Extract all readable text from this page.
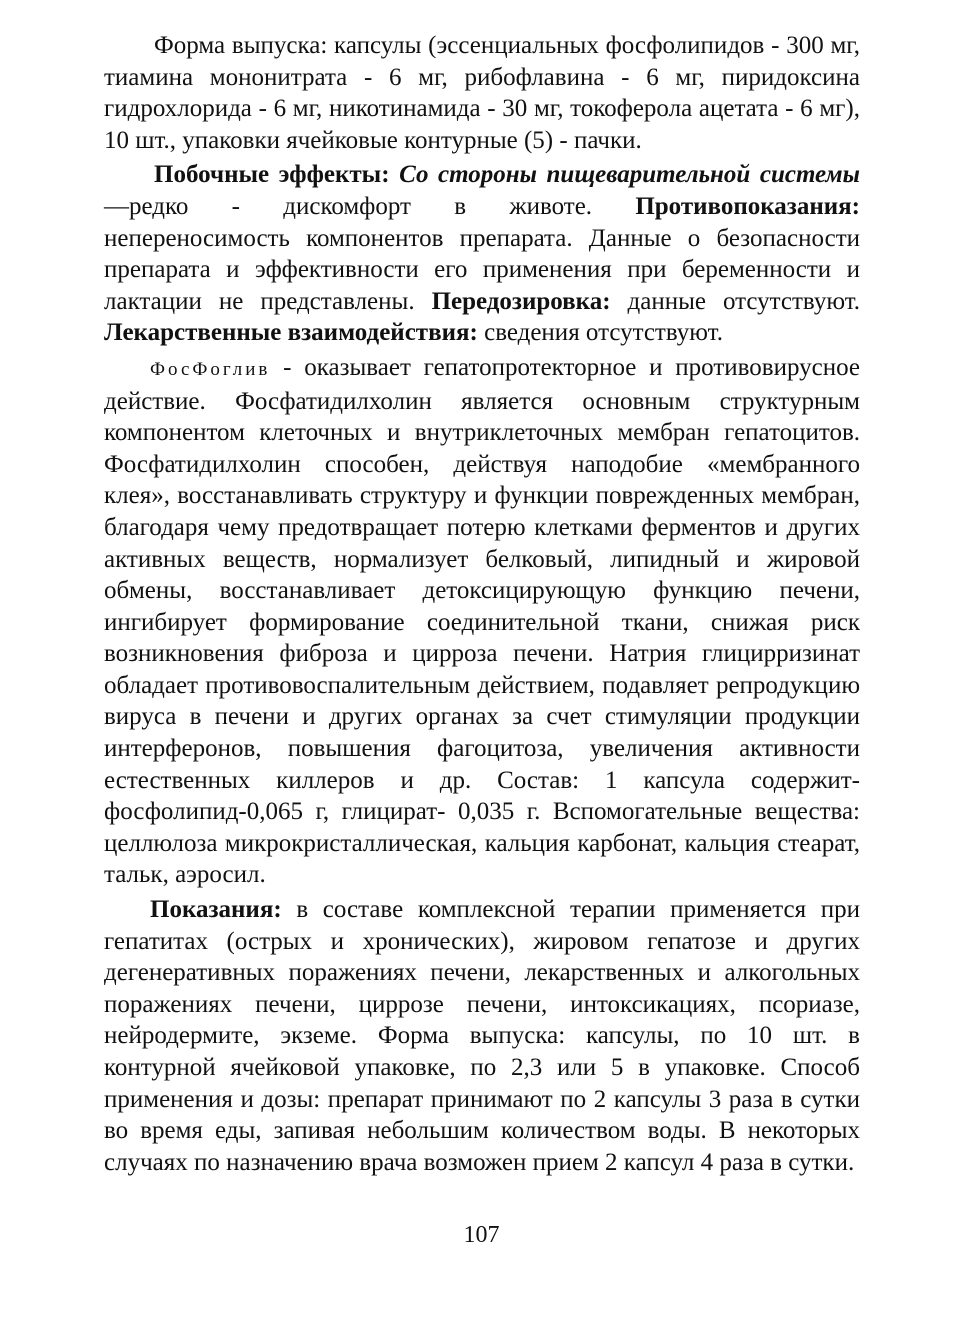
Форма выпуска: капсулы (эссенциальных фосфолипидов - 300 мг, тиамина мононитрата - 6 мг, рибофлавина - 6 мг, пиридоксина гидрохлорида - 6 мг, никотинамида - 30 мг, токоферола ацетата - 6 мг), 10 шт., упаковки ячейковые контурные (5) - пачки.

Побочные эффекты: Со стороны пищеварительной системы —редко - дискомфорт в животе. Противопоказания: непереносимость компонентов препарата. Данные о безопасности препарата и эффективности его применения при беременности и лактации не представлены. Передозировка: данные отсутствуют. Лекарственные взаимодействия: сведения отсутствуют.

ФосФоглив - оказывает гепатопротекторное и противовирусное действие. Фосфатидилхолин является основным структурным компонентом клеточных и внутриклеточных мембран гепатоцитов. Фосфатидилхолин способен, действуя наподобие «мембранного клея», восстанавливать структуру и функции поврежденных мембран, благодаря чему предотвращает потерю клетками ферментов и других активных веществ, нормализует белковый, липидный и жировой обмены, восстанавливает детоксицирующую функцию печени, ингибирует формирование соединительной ткани, снижая риск возникновения фиброза и цирроза печени. Натрия глицирризинат обладает противовоспалительным действием, подавляет репродукцию вируса в печени и других органах за счет стимуляции продукции интерферонов, повышения фагоцитоза, увеличения активности естественных киллеров и др. Состав: 1 капсула содержит-фосфолипид-0,065 г, глицират- 0,035 г. Вспомогательные вещества: целлюлоза микрокристаллическая, кальция карбонат, кальция стеарат, тальк, аэросил.

Показания: в составе комплексной терапии применяется при гепатитах (острых и хронических), жировом гепатозе и других дегенеративных поражениях печени, лекарственных и алкогольных поражениях печени, циррозе печени, интоксикациях, псориазе, нейродермите, экземе. Форма выпуска: капсулы, по 10 шт. в контурной ячейковой упаковке, по 2,3 или 5 в упаковке. Способ применения и дозы: препарат принимают по 2 капсулы 3 раза в сутки во время еды, запивая небольшим количеством воды. В некоторых случаях по назначению врача возможен прием 2 капсул 4 раза в сутки.

107
